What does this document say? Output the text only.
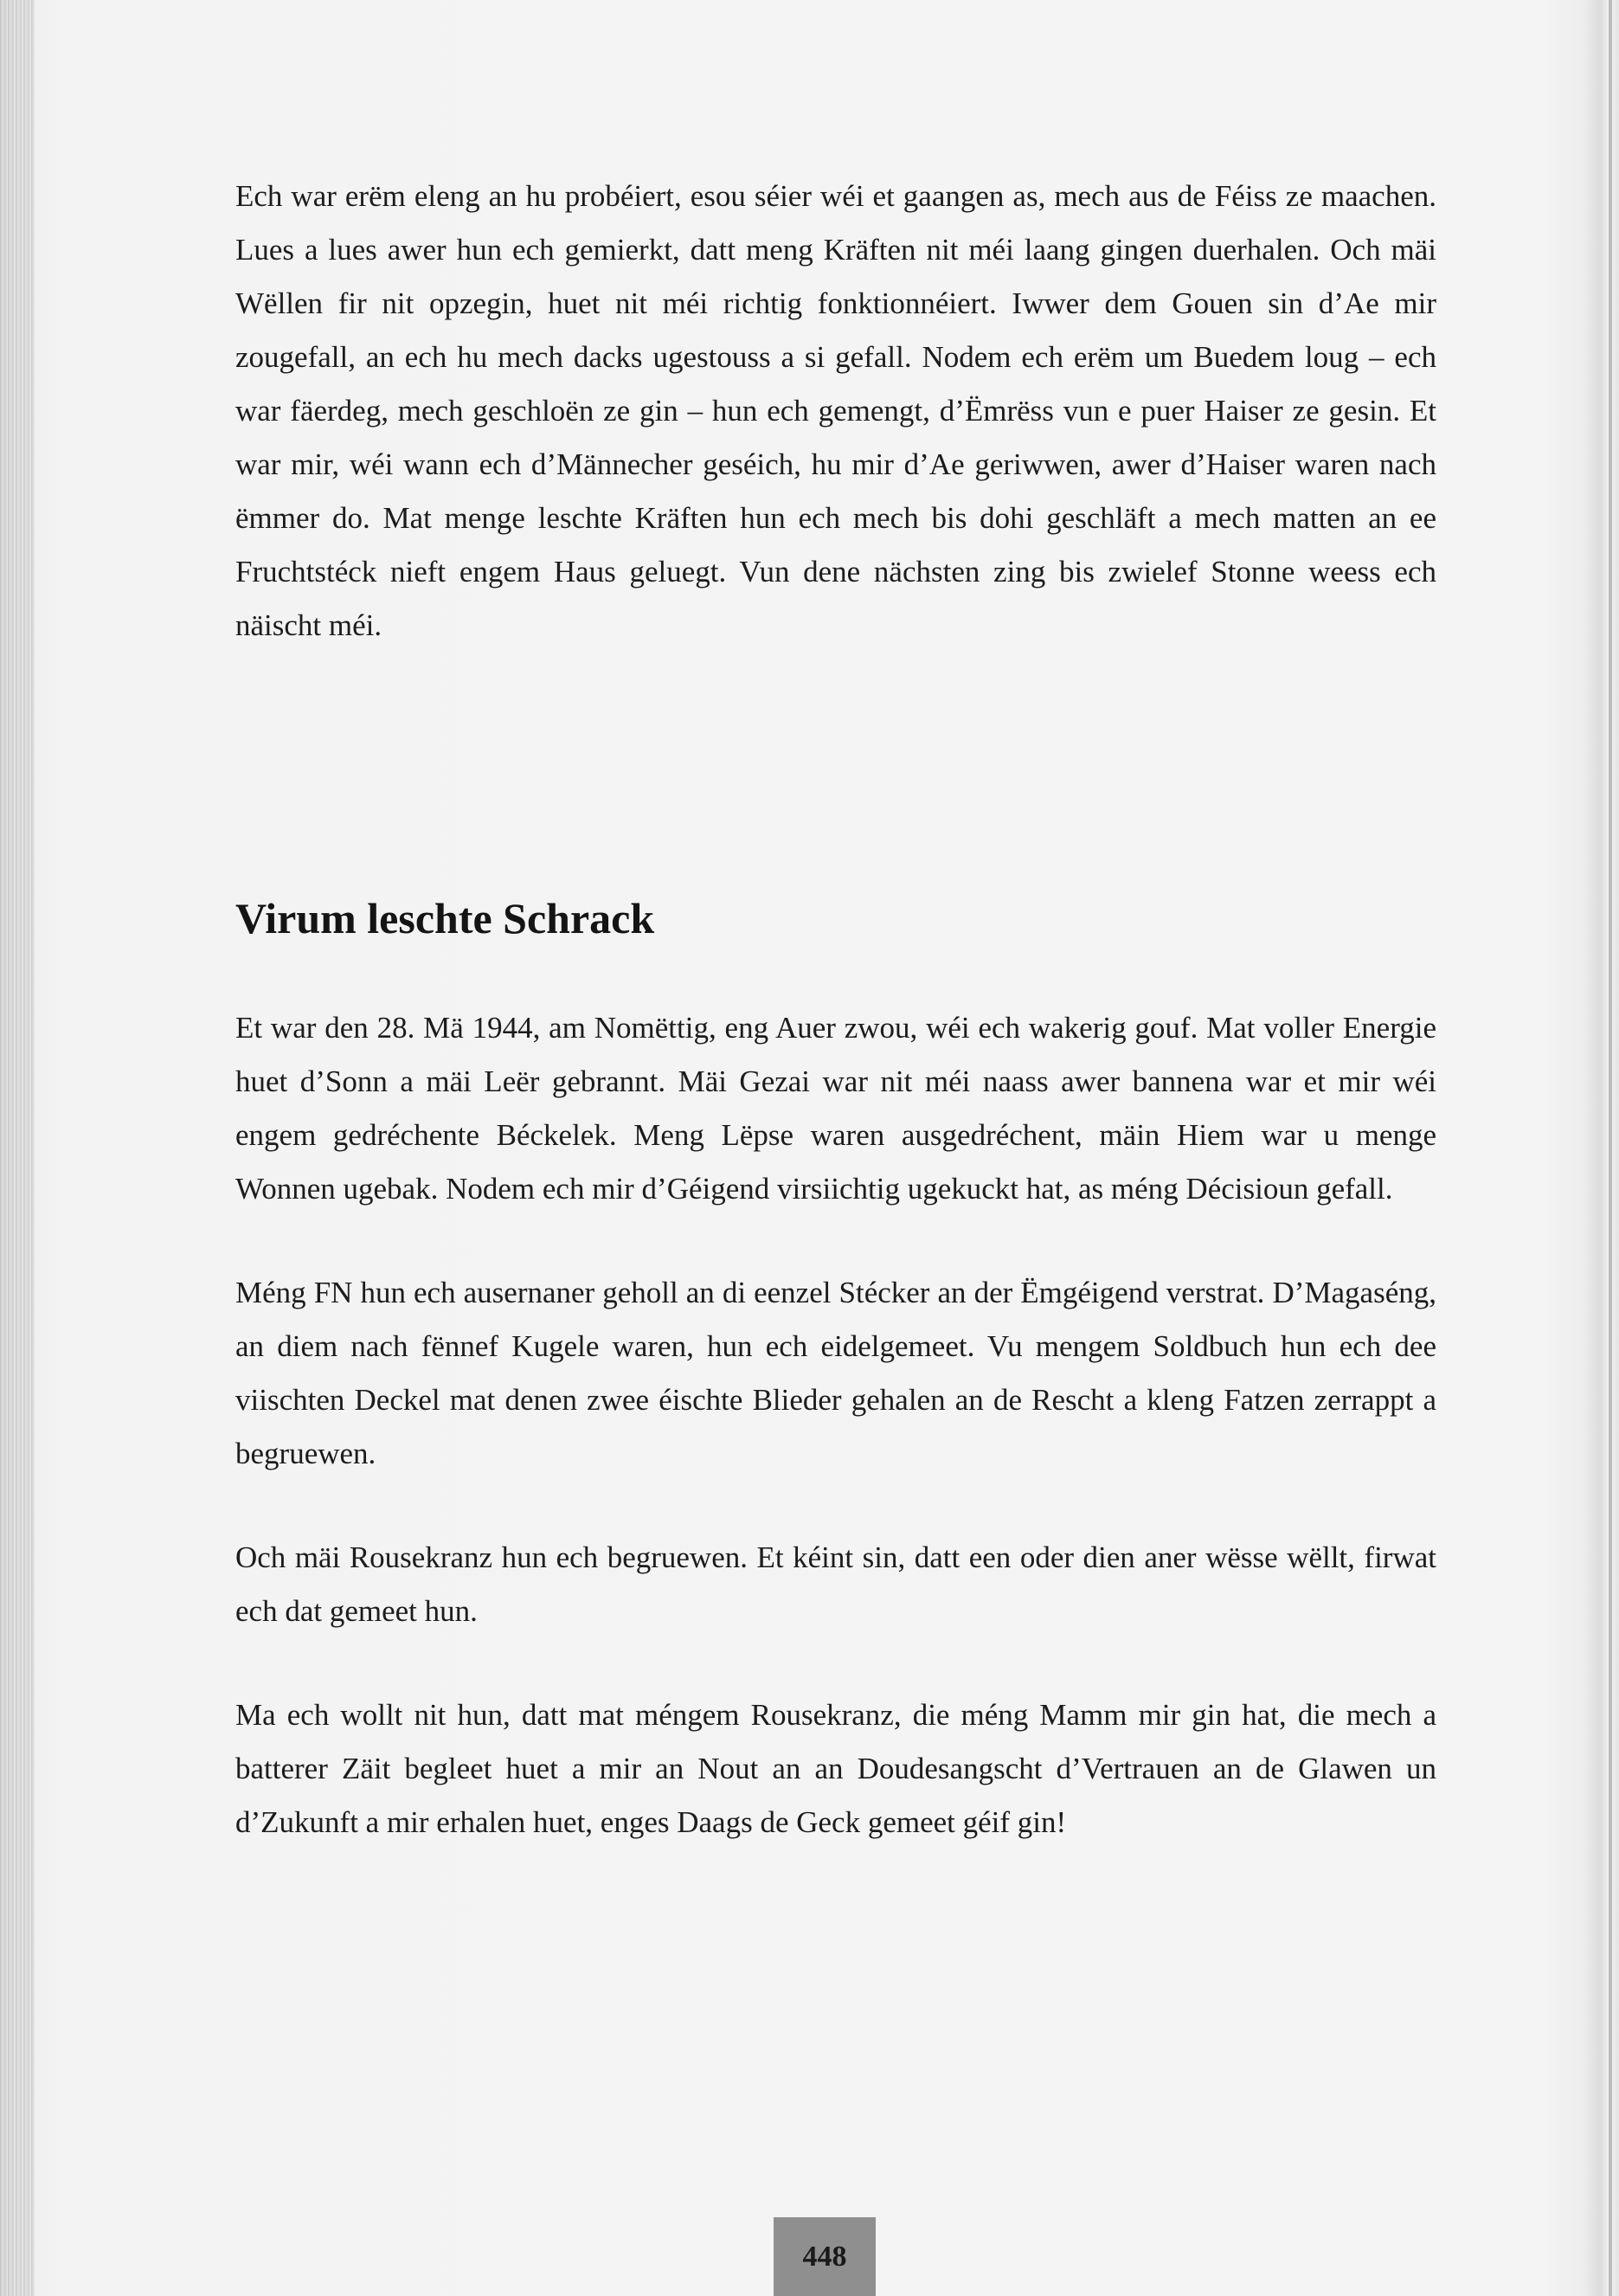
Ech war erëm eleng an hu probéiert, esou séier wéi et gaangen as, mech aus de Féiss ze maachen. Lues a lues awer hun ech gemierkt, datt meng Kräften nit méi laang gingen duerhalen. Och mäi Wëllen fir nit opzegin, huet nit méi richtig fonktionnéiert. Iwwer dem Gouen sin d’Ae mir zougefall, an ech hu mech dacks ugestouss a si gefall. Nodem ech erëm um Buedem loug – ech war fäerdeg, mech geschloën ze gin – hun ech gemengt, d’Ëmrëss vun e puer Haiser ze gesin. Et war mir, wéi wann ech d’Männecher geséich, hu mir d’Ae geriwwen, awer d’Haiser waren nach ëmmer do. Mat menge leschte Kräften hun ech mech bis dohi geschläft a mech matten an ee Fruchtstéck nieft engem Haus geluegt. Vun dene nächsten zing bis zwielef Stonne weess ech näischt méi.

Virum leschte Schrack

Et war den 28. Mä 1944, am Nomëttig, eng Auer zwou, wéi ech wakerig gouf. Mat voller Energie huet d’Sonn a mäi Leër gebrannt. Mäi Gezai war nit méi naass awer bannena war et mir wéi engem gedréchente Béckelek. Meng Lëpse waren ausgedréchent, mäin Hiem war u menge Wonnen ugebak. Nodem ech mir d’Géigend virsiichtig ugekuckt hat, as méng Décisioun gefall.

Méng FN hun ech ausernaner geholl an di eenzel Stécker an der Ëmgéigend verstrat. D’Magaséng, an diem nach fënnef Kugele waren, hun ech eidelgemeet. Vu mengem Soldbuch hun ech dee viischten Deckel mat denen zwee éischte Blieder gehalen an de Rescht a kleng Fatzen zerrappt a begruewen.

Och mäi Rousekranz hun ech begruewen. Et kéint sin, datt een oder dien aner wësse wëllt, firwat ech dat gemeet hun.

Ma ech wollt nit hun, datt mat méngem Rousekranz, die méng Mamm mir gin hat, die mech a batterer Zäit begleet huet a mir an Nout an an Doudesangscht d’Vertrauen an de Glawen un d’Zukunft a mir erhalen huet, enges Daags de Geck gemeet géif gin!

448
